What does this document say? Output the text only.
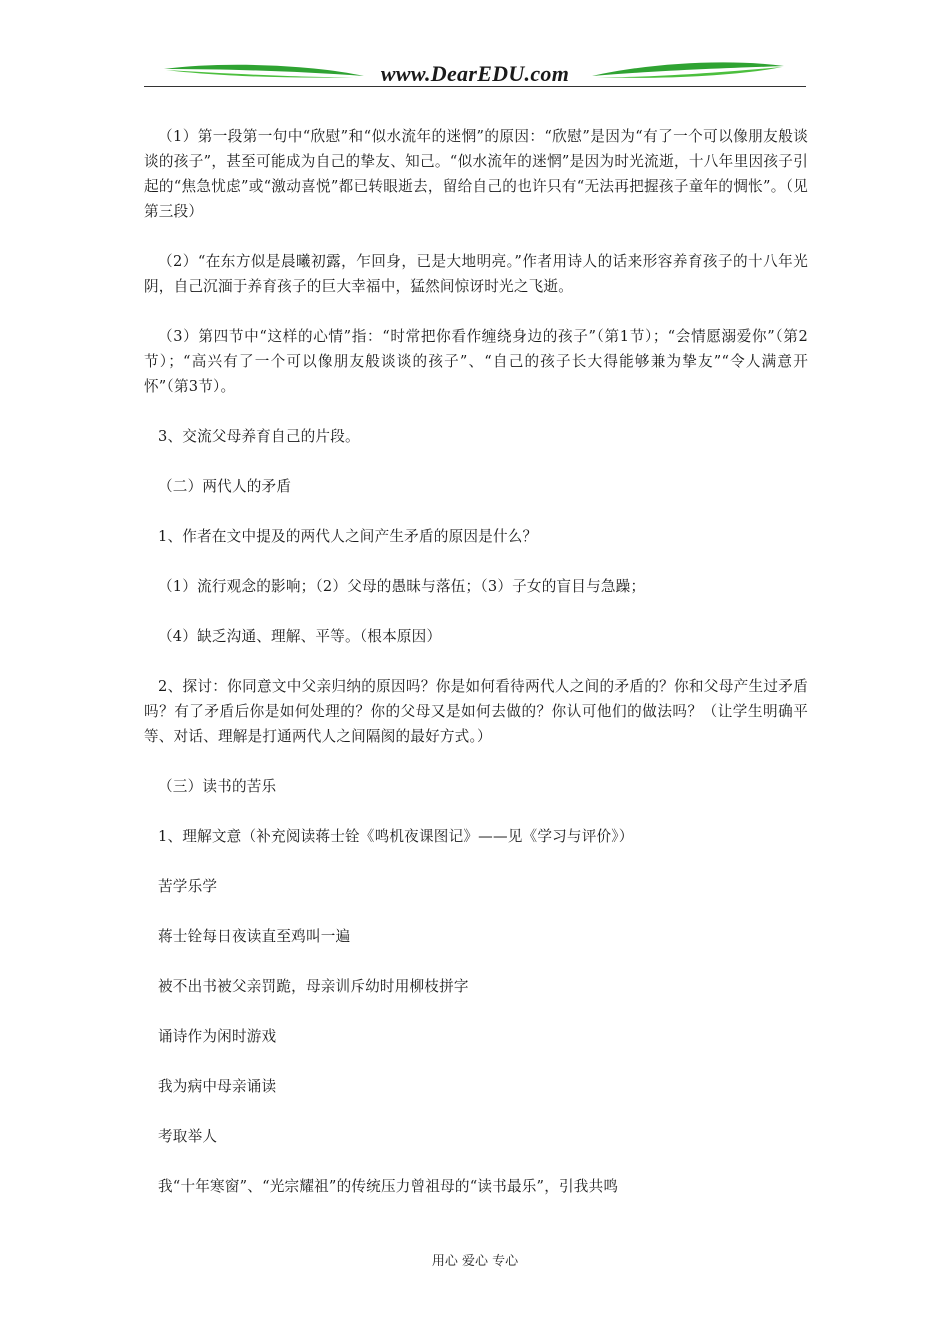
www.DearEDU.com

（1）第一段第一句中“欣慰”和“似水流年的迷惘”的原因：“欣慰”是因为“有了一个可以像朋友般谈谈的孩子”，甚至可能成为自己的挚友、知己。“似水流年的迷惘”是因为时光流逝，十八年里因孩子引起的“焦急忧虑”或“激动喜悦”都已转眼逝去，留给自己的也许只有“无法再把握孩子童年的惆怅”。（见第三段）

（2）“在东方似是晨曦初露，乍回身，已是大地明亮。”作者用诗人的话来形容养育孩子的十八年光阴，自己沉湎于养育孩子的巨大幸福中，猛然间惊讶时光之飞逝。

（3）第四节中“这样的心情”指：“时常把你看作缠绕身边的孩子”（第1节）；“会情愿溺爱你”（第2节）；“高兴有了一个可以像朋友般谈谈的孩子”、“自己的孩子长大得能够兼为挚友”“令人满意开怀”（第3节）。

3、交流父母养育自己的片段。

（二）两代人的矛盾

1、作者在文中提及的两代人之间产生矛盾的原因是什么？

（1）流行观念的影响；（2）父母的愚昧与落伍；（3）子女的盲目与急躁；

（4）缺乏沟通、理解、平等。（根本原因）

2、探讨：你同意文中父亲归纳的原因吗？你是如何看待两代人之间的矛盾的？你和父母产生过矛盾吗？有了矛盾后你是如何处理的？你的父母又是如何去做的？你认可他们的做法吗？（让学生明确平等、对话、理解是打通两代人之间隔阂的最好方式。）

（三）读书的苦乐

1、理解文意（补充阅读蒋士铨《鸣机夜课图记》——见《学习与评价》）

苦学乐学

蒋士铨每日夜读直至鸡叫一遍

被不出书被父亲罚跪，母亲训斥幼时用柳枝拼字

诵诗作为闲时游戏

我为病中母亲诵读

考取举人

我“十年寒窗”、“光宗耀祖”的传统压力曾祖母的“读书最乐”，引我共鸣

用心 爱心 专心
